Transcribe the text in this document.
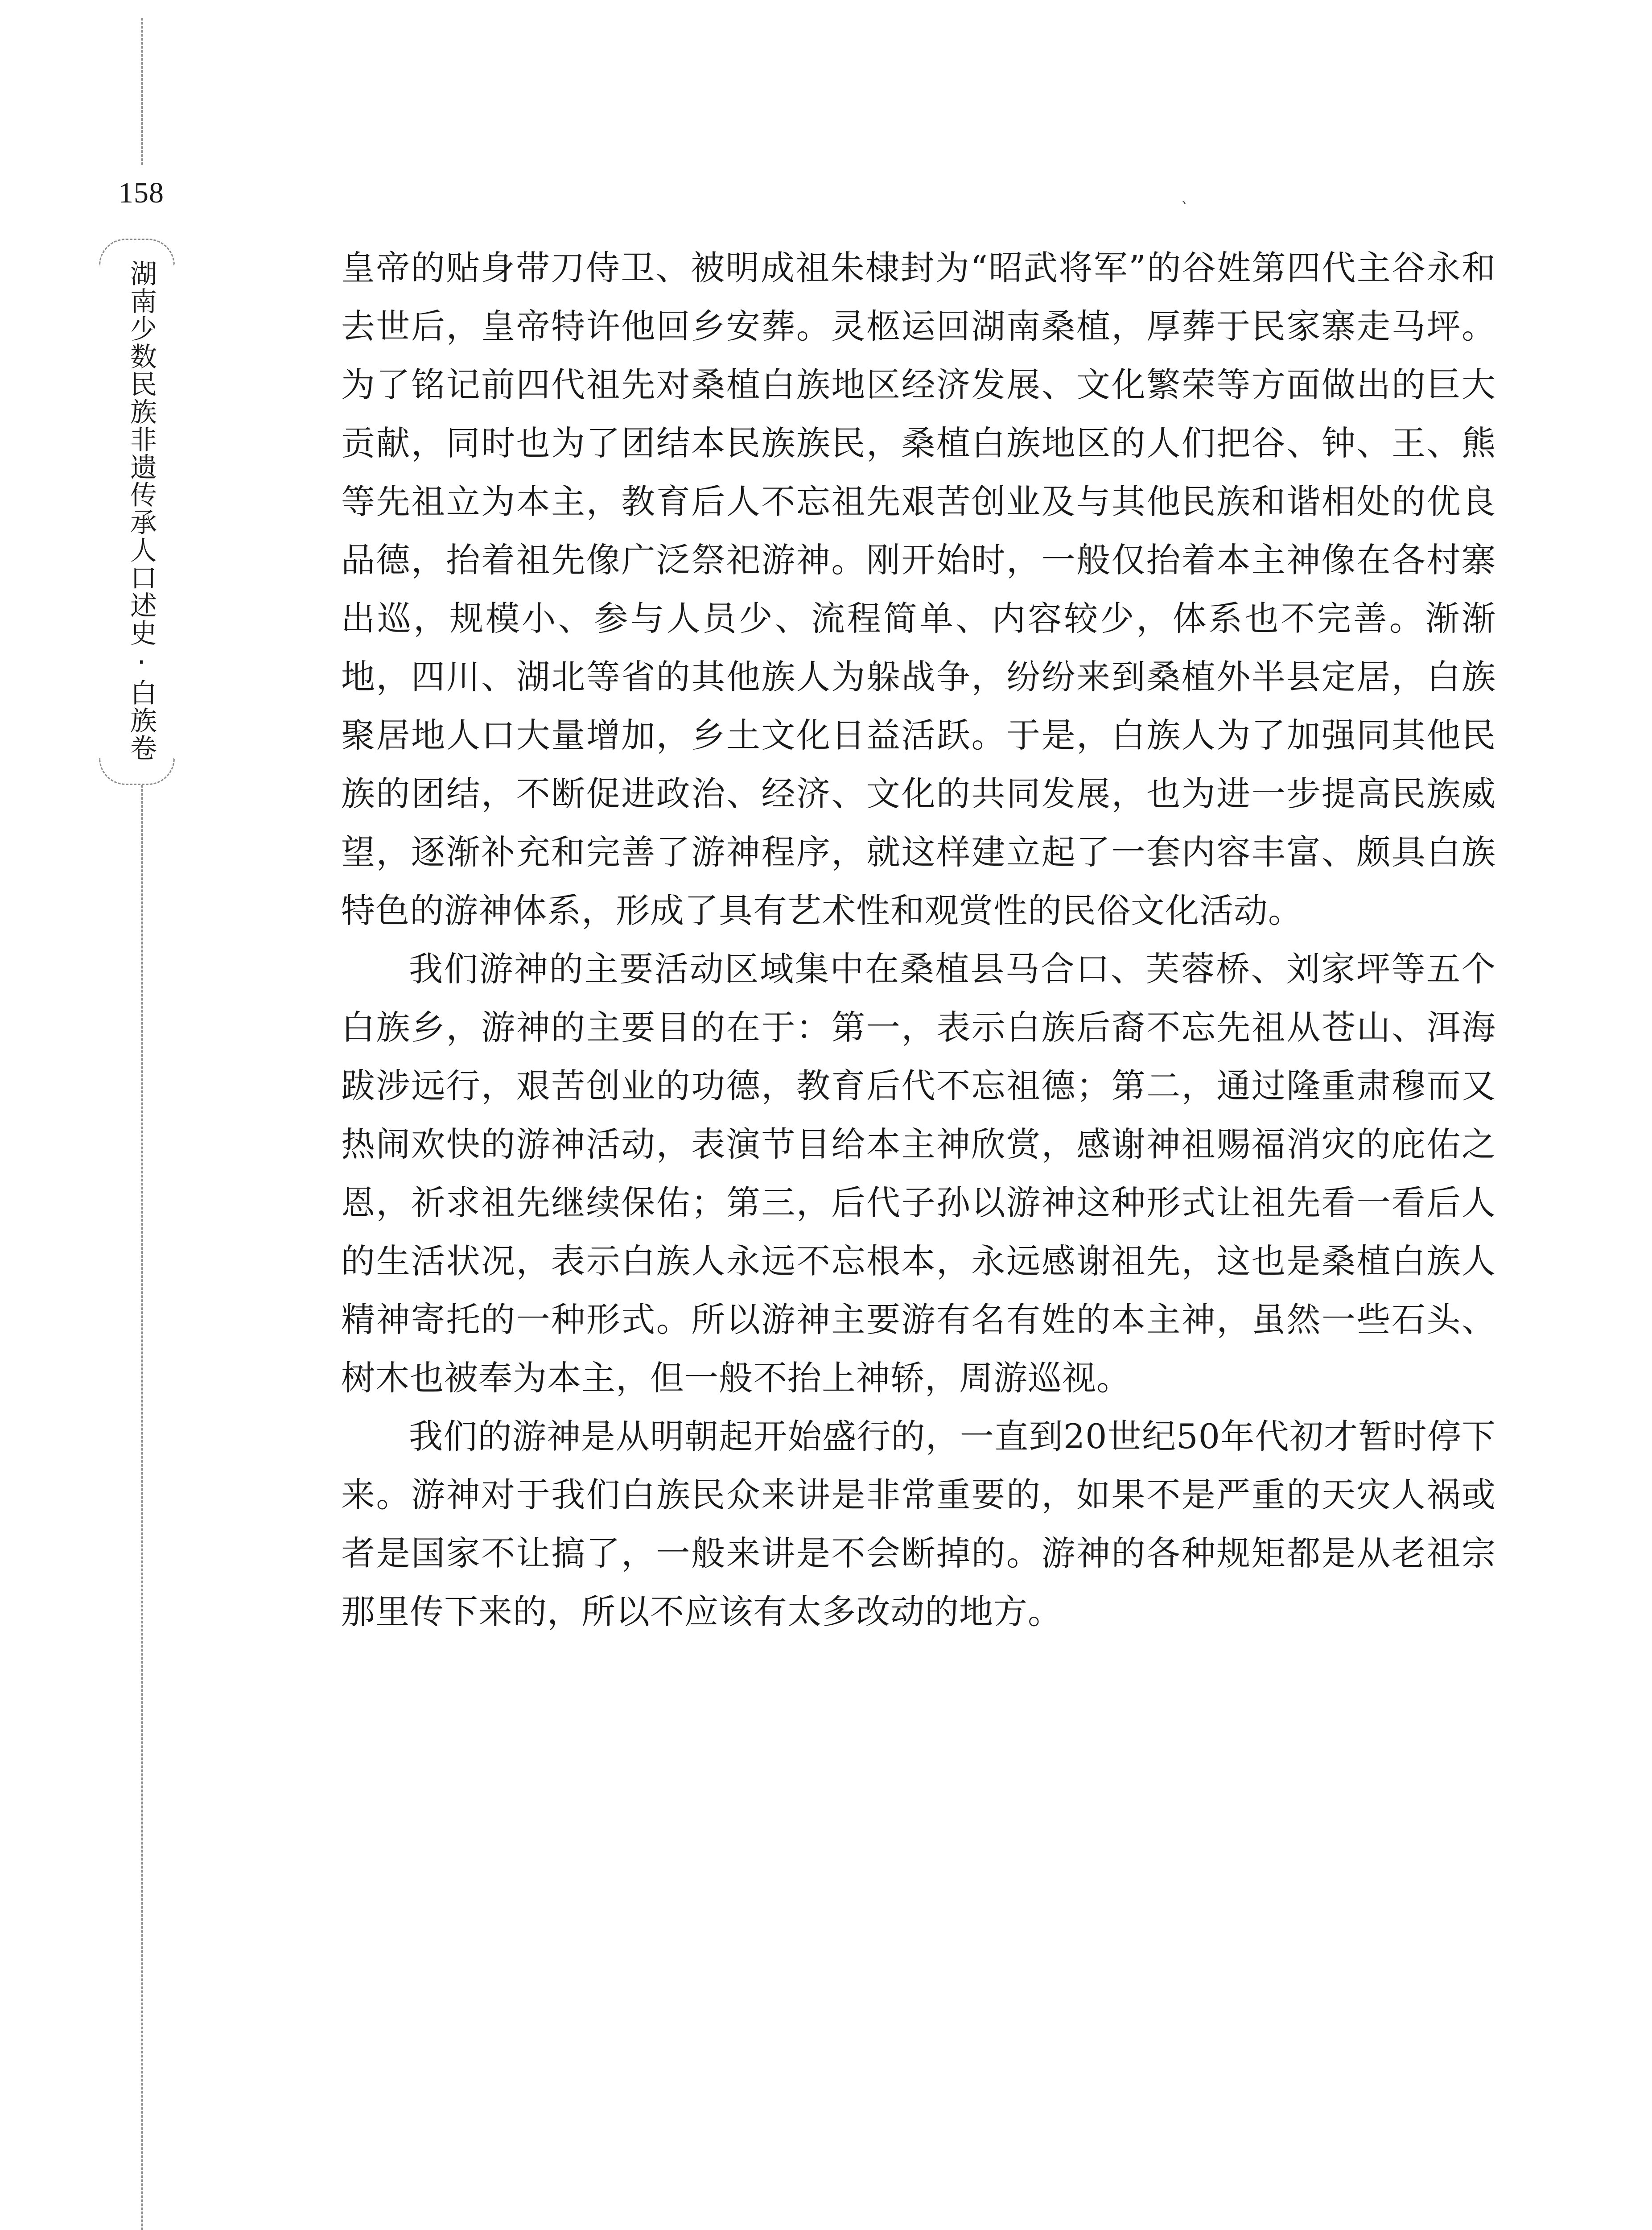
158
湖南少数民族非遗传承人口述史·白族卷
、

皇帝的贴身带刀侍卫、被明成祖朱棣封为“昭武将军”的谷姓第四代主谷永和去世后，皇帝特许他回乡安葬。灵柩运回湖南桑植，厚葬于民家寨走马坪。为了铭记前四代祖先对桑植白族地区经济发展、文化繁荣等方面做出的巨大贡献，同时也为了团结本民族族民，桑植白族地区的人们把谷、钟、王、熊等先祖立为本主，教育后人不忘祖先艰苦创业及与其他民族和谐相处的优良品德，抬着祖先像广泛祭祀游神。刚开始时，一般仅抬着本主神像在各村寨出巡，规模小、参与人员少、流程简单、内容较少，体系也不完善。渐渐地，四川、湖北等省的其他族人为躲战争，纷纷来到桑植外半县定居，白族聚居地人口大量增加，乡土文化日益活跃。于是，白族人为了加强同其他民族的团结，不断促进政治、经济、文化的共同发展，也为进一步提高民族威望，逐渐补充和完善了游神程序，就这样建立起了一套内容丰富、颇具白族特色的游神体系，形成了具有艺术性和观赏性的民俗文化活动。

我们游神的主要活动区域集中在桑植县马合口、芙蓉桥、刘家坪等五个白族乡，游神的主要目的在于：第一，表示白族后裔不忘先祖从苍山、洱海跋涉远行，艰苦创业的功德，教育后代不忘祖德；第二，通过隆重肃穆而又热闹欢快的游神活动，表演节目给本主神欣赏，感谢神祖赐福消灾的庇佑之恩，祈求祖先继续保佑；第三，后代子孙以游神这种形式让祖先看一看后人的生活状况，表示白族人永远不忘根本，永远感谢祖先，这也是桑植白族人精神寄托的一种形式。所以游神主要游有名有姓的本主神，虽然一些石头、树木也被奉为本主，但一般不抬上神轿，周游巡视。

我们的游神是从明朝起开始盛行的，一直到20世纪50年代初才暂时停下来。游神对于我们白族民众来讲是非常重要的，如果不是严重的天灾人祸或者是国家不让搞了，一般来讲是不会断掉的。游神的各种规矩都是从老祖宗那里传下来的，所以不应该有太多改动的地方。
